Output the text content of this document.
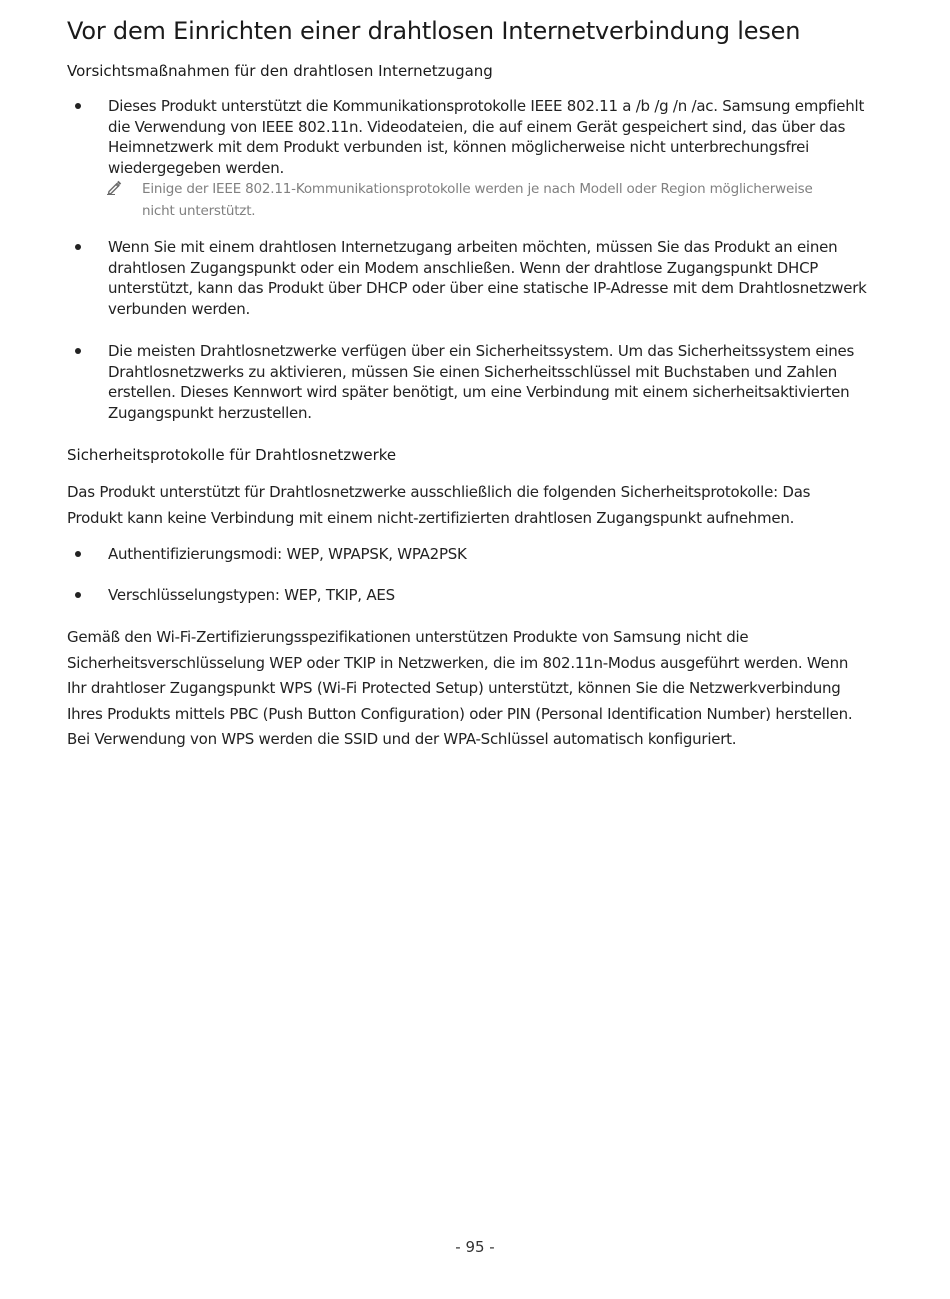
Vor dem Einrichten einer drahtlosen Internetverbindung lesen
Vorsichtsmaßnahmen für den drahtlosen Internetzugang
Dieses Produkt unterstützt die Kommunikationsprotokolle IEEE 802.11 a /b /g /n /ac. Samsung empfiehlt die Verwendung von IEEE 802.11n. Videodateien, die auf einem Gerät gespeichert sind, das über das Heimnetzwerk mit dem Produkt verbunden ist, können möglicherweise nicht unterbrechungsfrei wiedergegeben werden.
Einige der IEEE 802.11-Kommunikationsprotokolle werden je nach Modell oder Region möglicherweise nicht unterstützt.
Wenn Sie mit einem drahtlosen Internetzugang arbeiten möchten, müssen Sie das Produkt an einen drahtlosen Zugangspunkt oder ein Modem anschließen. Wenn der drahtlose Zugangspunkt DHCP unterstützt, kann das Produkt über DHCP oder über eine statische IP-Adresse mit dem Drahtlosnetzwerk verbunden werden.
Die meisten Drahtlosnetzwerke verfügen über ein Sicherheitssystem. Um das Sicherheitssystem eines Drahtlosnetzwerks zu aktivieren, müssen Sie einen Sicherheitsschlüssel mit Buchstaben und Zahlen erstellen. Dieses Kennwort wird später benötigt, um eine Verbindung mit einem sicherheitsaktivierten Zugangspunkt herzustellen.
Sicherheitsprotokolle für Drahtlosnetzwerke

Das Produkt unterstützt für Drahtlosnetzwerke ausschließlich die folgenden Sicherheitsprotokolle: Das Produkt kann keine Verbindung mit einem nicht-zertifizierten drahtlosen Zugangspunkt aufnehmen.

Authentifizierungsmodi: WEP, WPAPSK, WPA2PSK
Verschlüsselungstypen: WEP, TKIP, AES

Gemäß den Wi-Fi-Zertifizierungsspezifikationen unterstützen Produkte von Samsung nicht die Sicherheitsverschlüsselung WEP oder TKIP in Netzwerken, die im 802.11n-Modus ausgeführt werden. Wenn Ihr drahtloser Zugangspunkt WPS (Wi-Fi Protected Setup) unterstützt, können Sie die Netzwerkverbindung Ihres Produkts mittels PBC (Push Button Configuration) oder PIN (Personal Identification Number) herstellen. Bei Verwendung von WPS werden die SSID und der WPA-Schlüssel automatisch konfiguriert.

- 95 -
